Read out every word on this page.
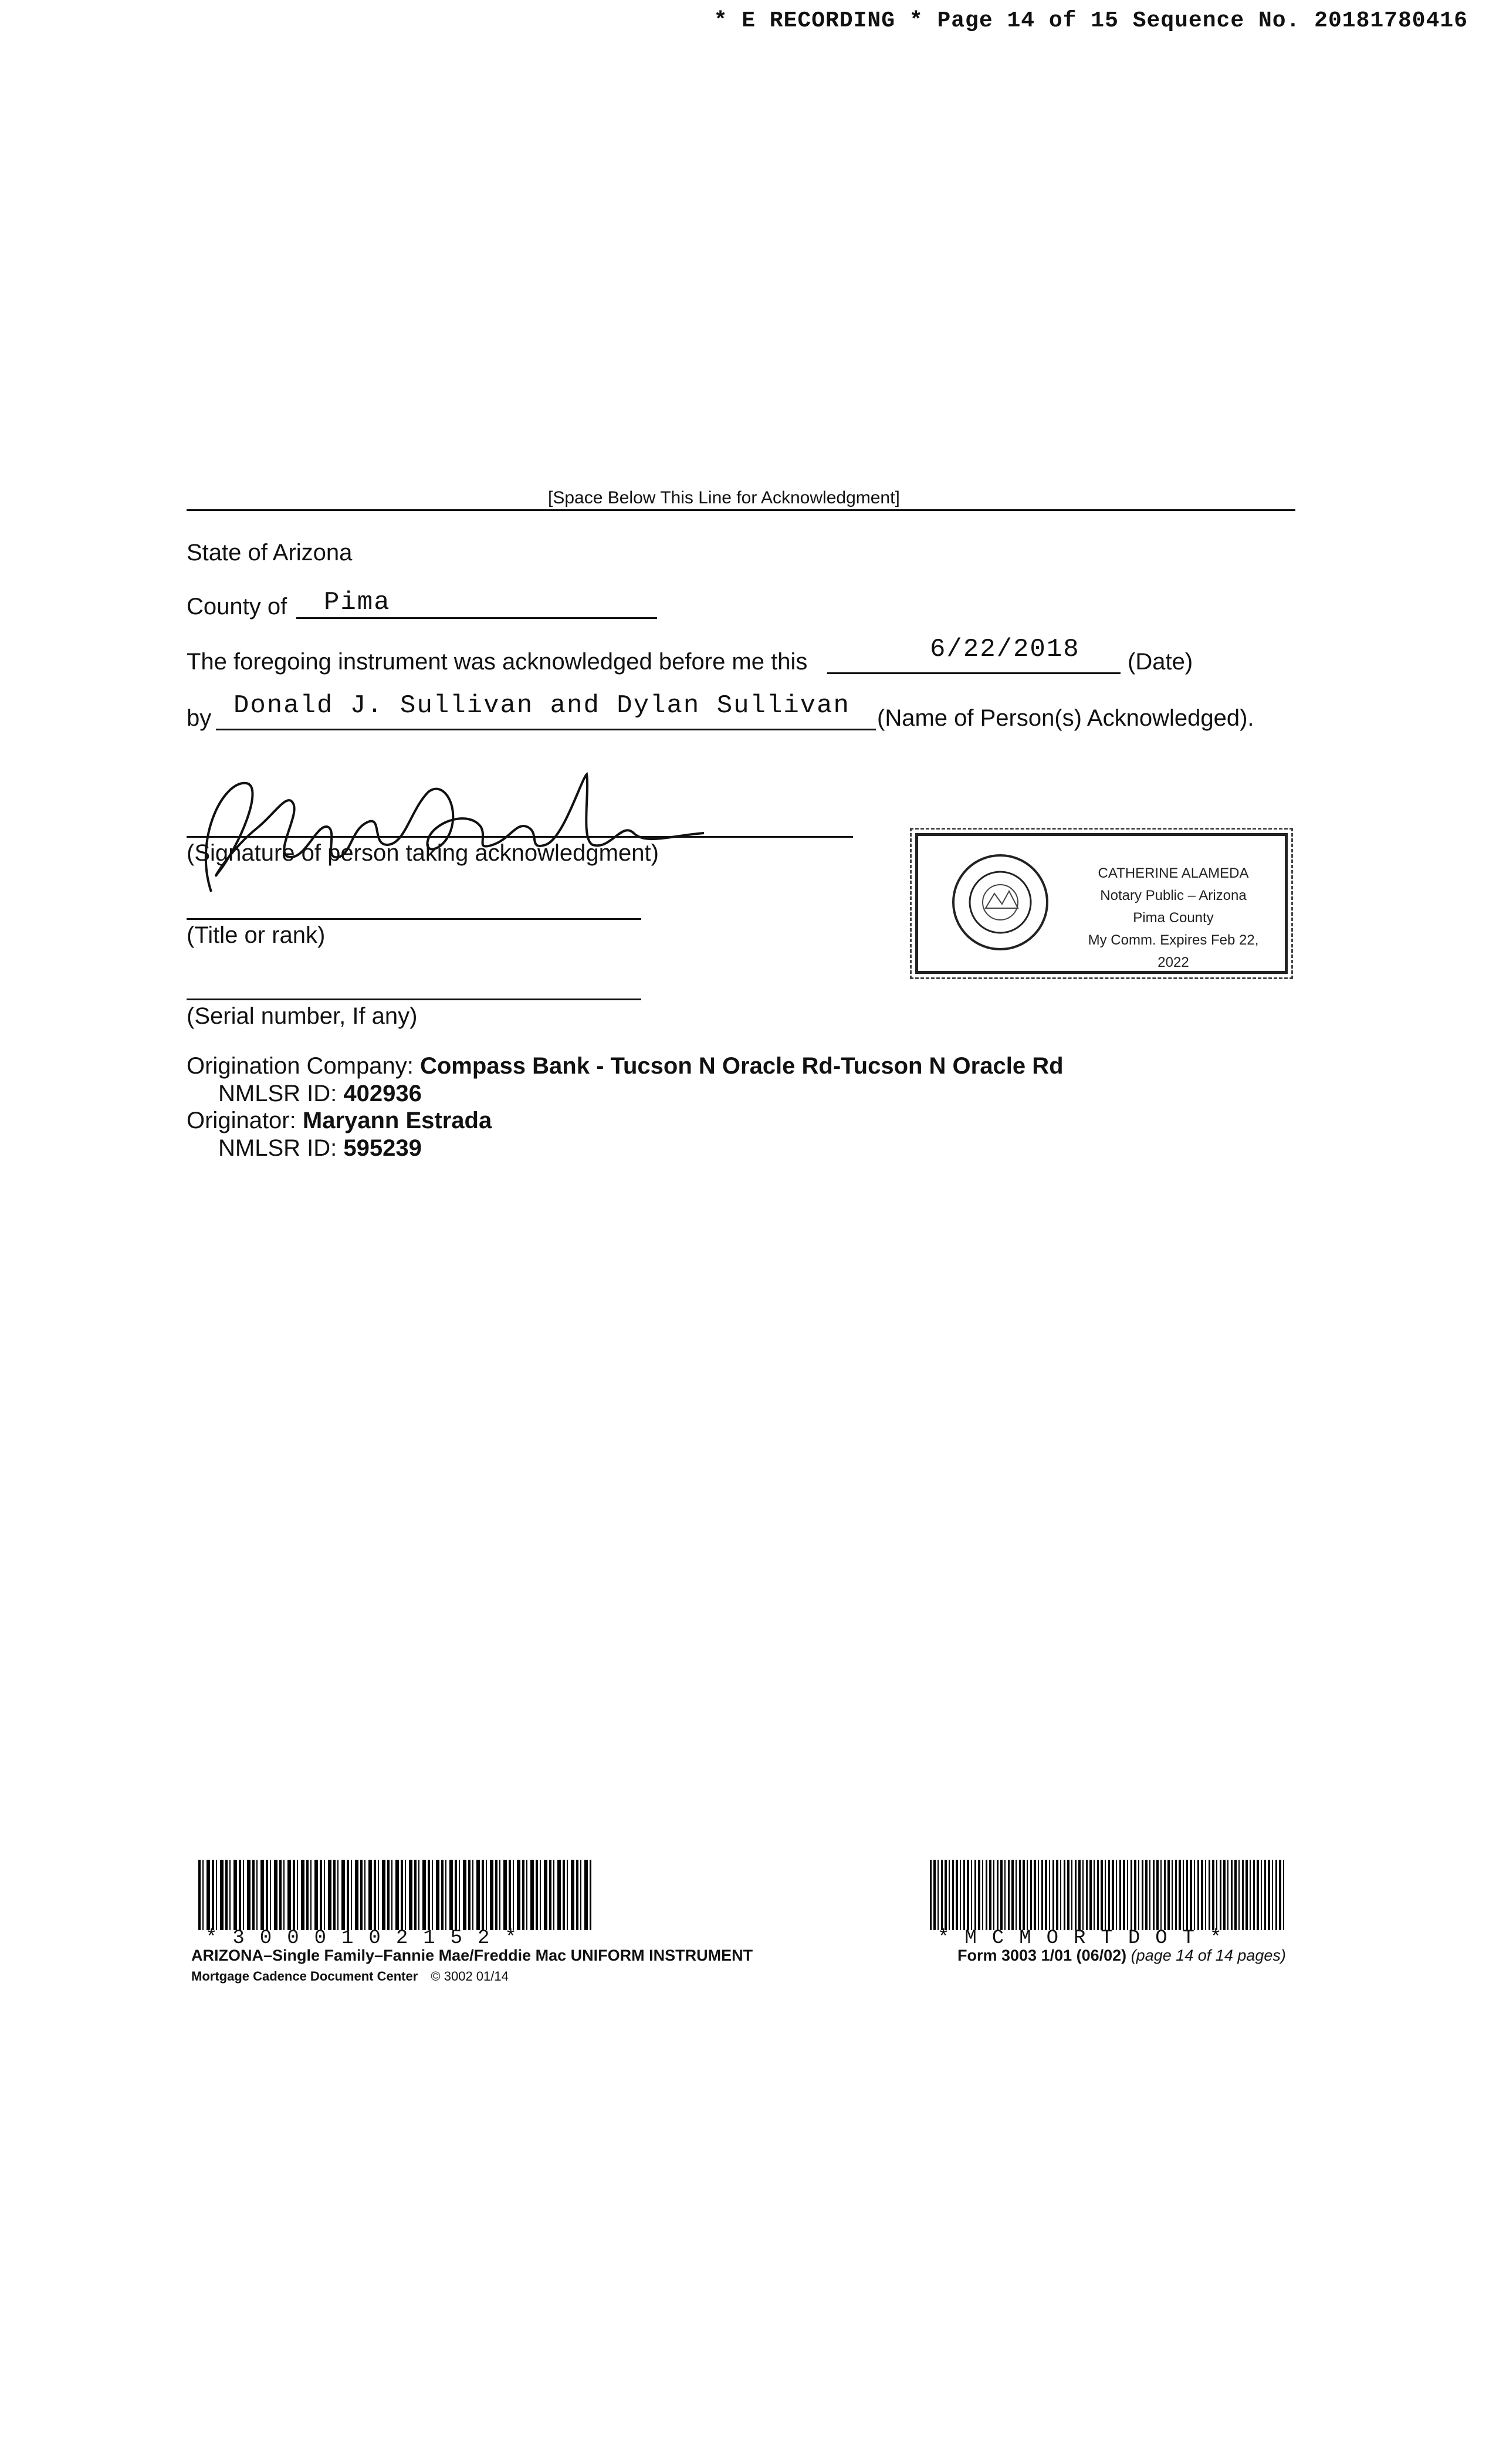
* E RECORDING * Page 14 of 15 Sequence No. 20181780416
[Space Below This Line for Acknowledgment]
State of Arizona
County of Pima
The foregoing instrument was acknowledged before me this	6/22/2018 (Date)
by Donald J. Sullivan and Dylan Sullivan (Name of Person(s) Acknowledged).
(Signature of person taking acknowledgment)
(Title or rank)
(Serial number, If any)
CATHERINE ALAMEDA
Notary Public – Arizona
Pima County
My Comm. Expires Feb 22, 2022
Origination Company: Compass Bank - Tucson N Oracle Rd-Tucson N Oracle Rd
NMLSR ID: 402936
Originator: Maryann Estrada
NMLSR ID: 595239
*3000102152*	*MCMORTDOT*
ARIZONA–Single Family–Fannie Mae/Freddie Mac UNIFORM INSTRUMENT
Mortgage Cadence Document Center © 3002 01/14
Form 3003 1/01 (06/02) (page 14 of 14 pages)
